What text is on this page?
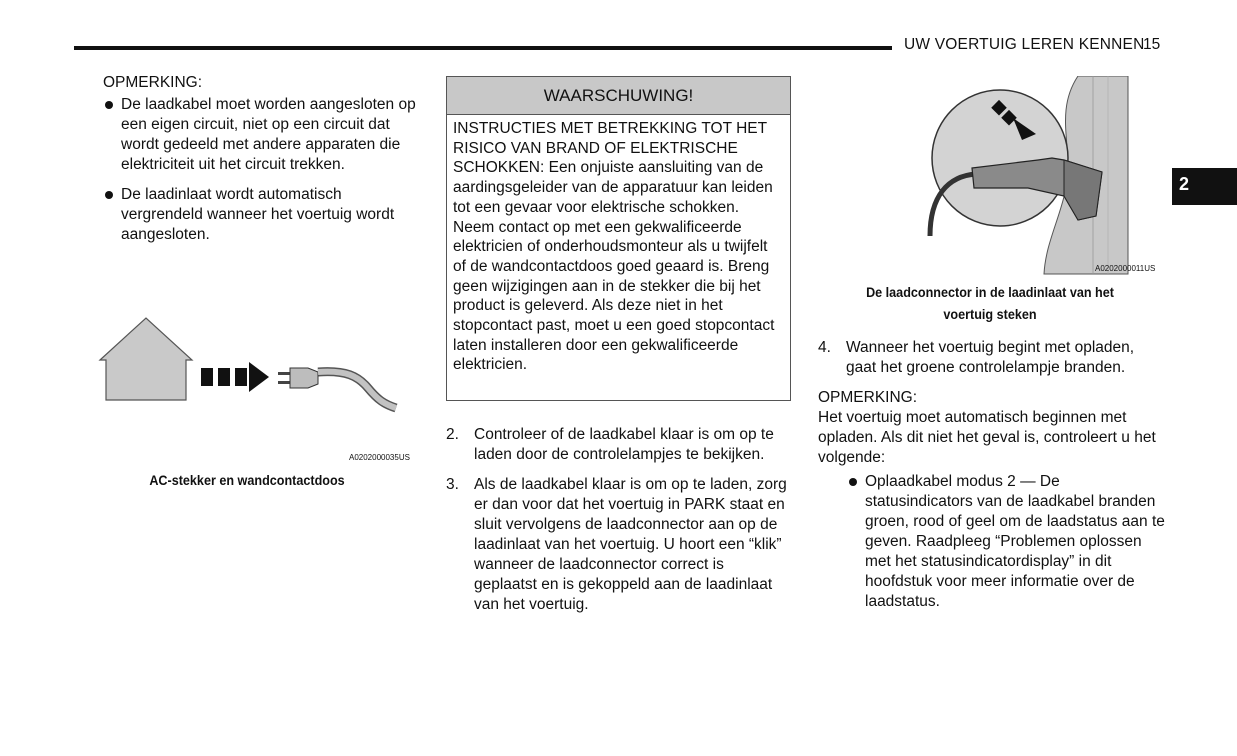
UW VOERTUIG LEREN KENNEN
15
2
OPMERKING:
De laadkabel moet worden aangesloten op een eigen circuit, niet op een circuit dat wordt gedeeld met andere apparaten die elektriciteit uit het circuit trekken.
De laadinlaat wordt automatisch vergrendeld wanneer het voertuig wordt aangesloten.
A0202000035US
AC-stekker en wandcontactdoos
WAARSCHUWING!
INSTRUCTIES MET BETREKKING TOT HET RISICO VAN BRAND OF ELEKTRISCHE SCHOKKEN: Een onjuiste aansluiting van de aardingsgeleider van de apparatuur kan leiden tot een gevaar voor elektrische schokken. Neem contact op met een gekwalificeerde elektricien of onderhoudsmonteur als u twijfelt of de wandcontactdoos goed geaard is. Breng geen wijzigingen aan in de stekker die bij het product is geleverd. Als deze niet in het stopcontact past, moet u een goed stopcontact laten installeren door een gekwalificeerde elektricien.
2. Controleer of de laadkabel klaar is om op te laden door de controlelampjes te bekijken.
3. Als de laadkabel klaar is om op te laden, zorg er dan voor dat het voertuig in PARK staat en sluit vervolgens de laadconnector aan op de laadinlaat van het voertuig. U hoort een “klik” wanneer de laadconnector correct is geplaatst en is gekoppeld aan de laadinlaat van het voertuig.
A0202000011US
De laadconnector in de laadinlaat van het
voertuig steken
4. Wanneer het voertuig begint met opladen, gaat het groene controlelampje branden.
OPMERKING:
Het voertuig moet automatisch beginnen met opladen. Als dit niet het geval is, controleert u het volgende:
Oplaadkabel modus 2 — De statusindicators van de laadkabel branden groen, rood of geel om de laadstatus aan te geven. Raadpleeg “Problemen oplossen met het statusindicatordisplay” in dit hoofdstuk voor meer informatie over de laadstatus.
